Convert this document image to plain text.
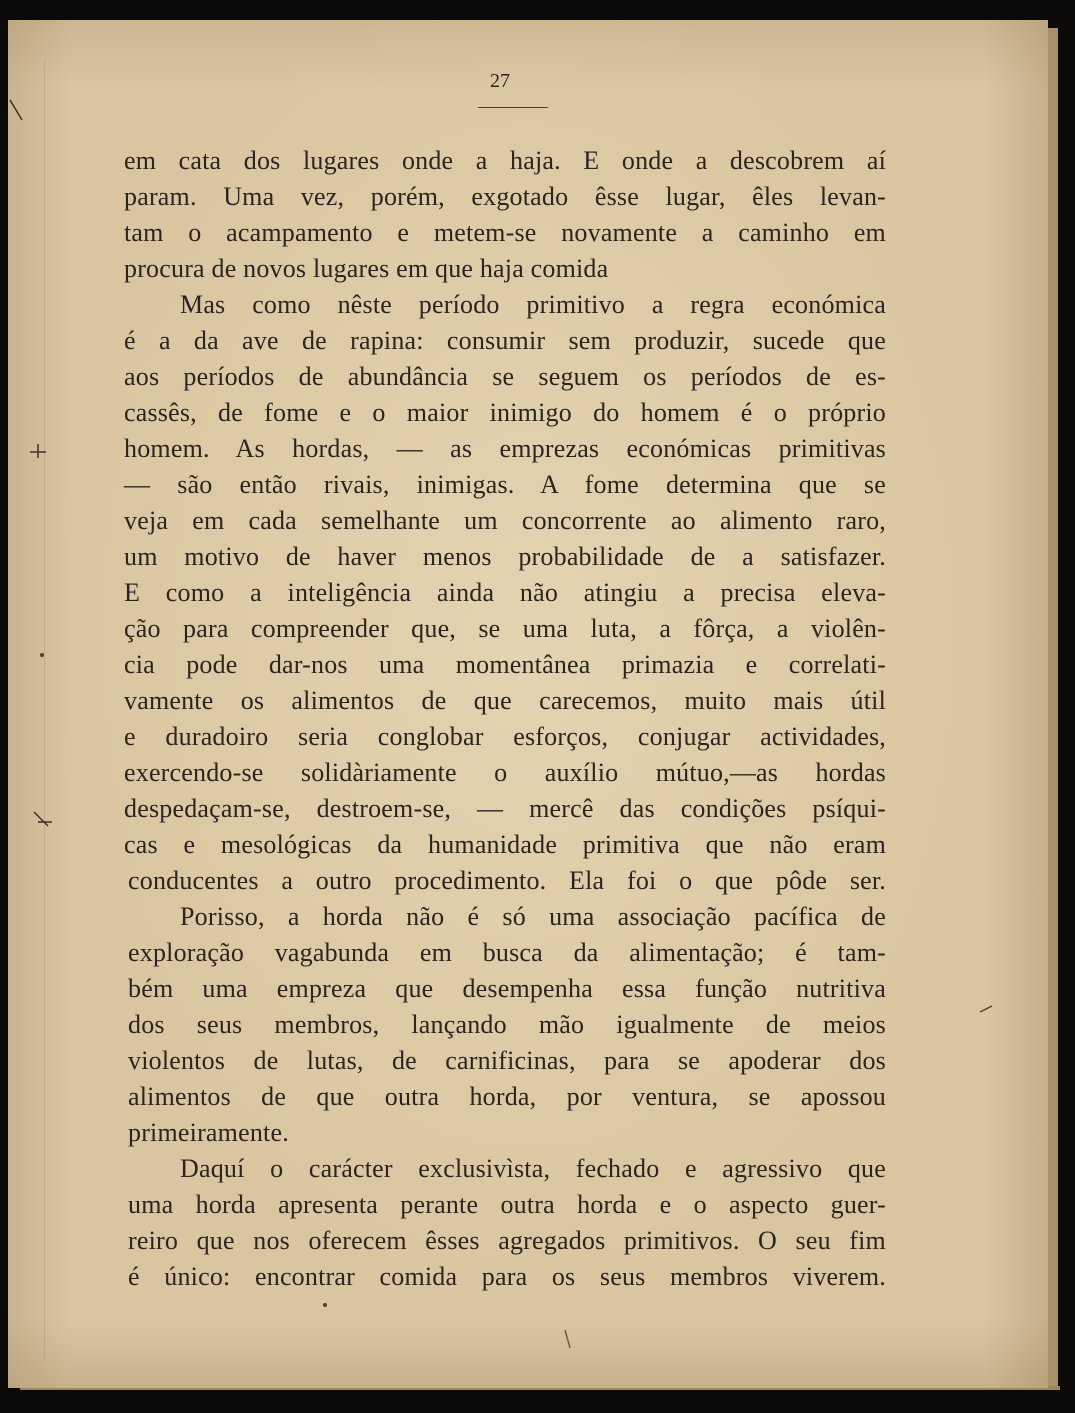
27
em cata dos lugares onde a haja. E onde a descobrem aí
param. Uma vez, porém, exgotado êsse lugar, êles levan-
tam o acampamento e metem-se novamente a caminho em
procura de novos lugares em que haja comida
Mas como nêste período primitivo a regra económica
é a da ave de rapina: consumir sem produzir, sucede que
aos períodos de abundância se seguem os períodos de es-
cassês, de fome e o maior inimigo do homem é o próprio
homem. As hordas, — as emprezas económicas primitivas
— são então rivais, inimigas. A fome determina que se
veja em cada semelhante um concorrente ao alimento raro,
um motivo de haver menos probabilidade de a satisfazer.
E como a inteligência ainda não atingiu a precisa eleva-
ção para compreender que, se uma luta, a fôrça, a violên-
cia pode dar-nos uma momentânea primazia e correlati-
vamente os alimentos de que carecemos, muito mais útil
e duradoiro seria conglobar esforços, conjugar actividades,
exercendo-se solidàriamente o auxílio mútuo,—as hordas
despedaçam-se, destroem-se, — mercê das condições psíqui-
cas e mesológicas da humanidade primitiva que não eram
conducentes a outro procedimento. Ela foi o que pôde ser.
Porisso, a horda não é só uma associação pacífica de
exploração vagabunda em busca da alimentação; é tam-
bém uma empreza que desempenha essa função nutritiva
dos seus membros, lançando mão igualmente de meios
violentos de lutas, de carnificinas, para se apoderar dos
alimentos de que outra horda, por ventura, se apossou
primeiramente.
Daquí o carácter exclusivìsta, fechado e agressivo que
uma horda apresenta perante outra horda e o aspecto guer-
reiro que nos oferecem êsses agregados primitivos. O seu fim
é único: encontrar comida para os seus membros viverem.
